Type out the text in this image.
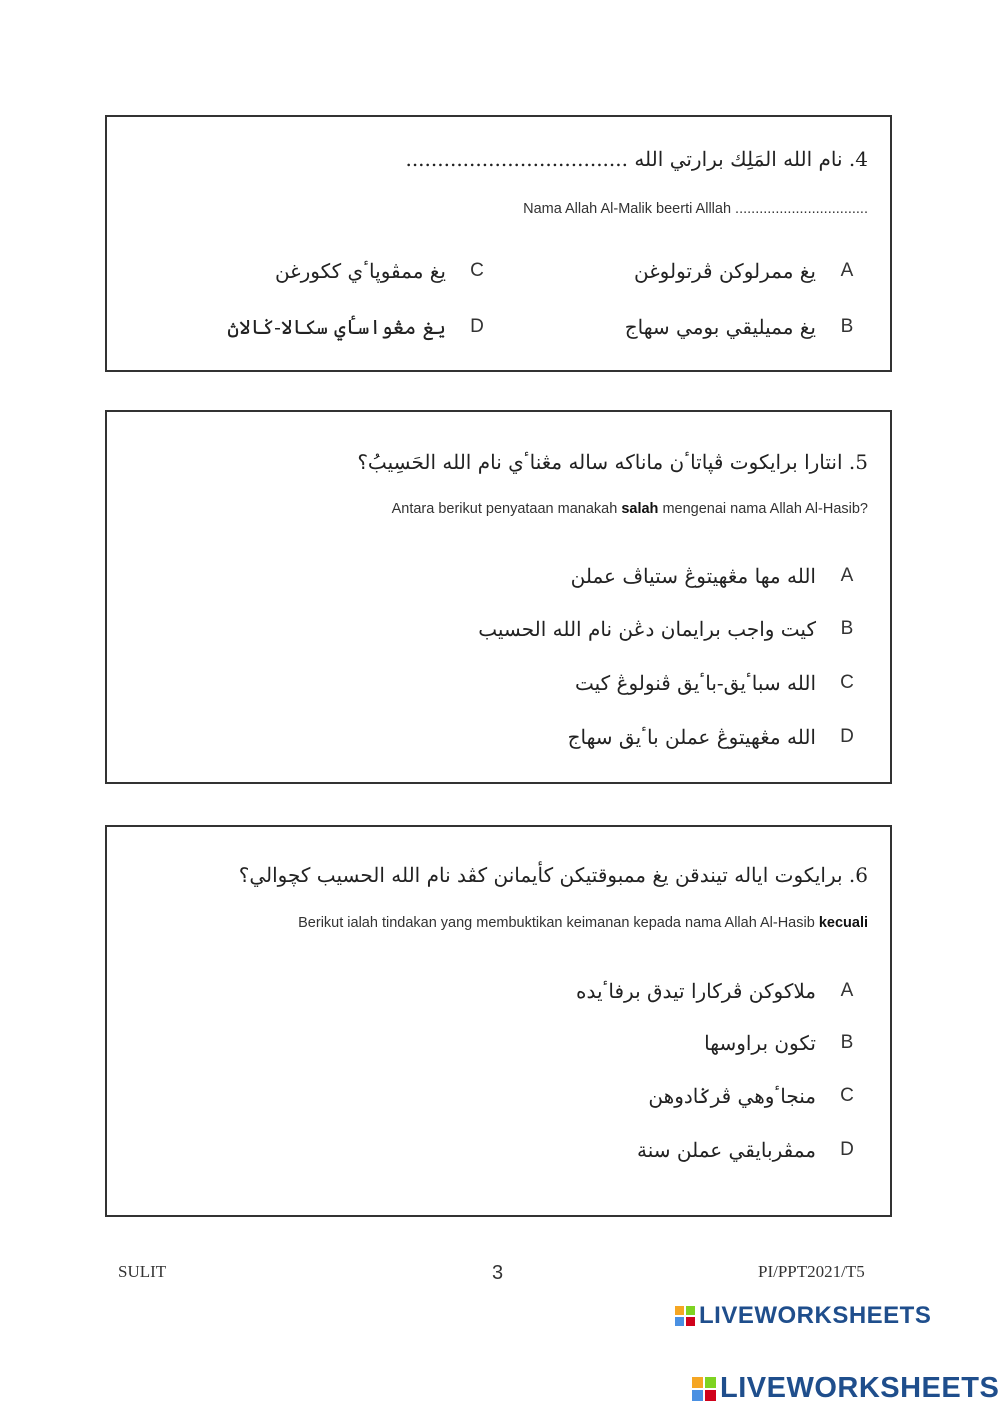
4. نام الله المَلِك برارتي الله ...................................
Nama Allah Al-Malik beerti Alllah .................................
A
يغ ممرلوكن ڤرتولوغن
B
يغ مميليقي بومي سهاج
C
يغ ممڤوڽاٴي ككورغن
D
يغ مڠواساٴي سکالا-ݢالاڽ
5. انتارا برايكوت ڤڽاتاٴن ماناكه ساله مڠناٴي نام الله الحَسِيبُ؟
Antara berikut penyataan manakah salah mengenai nama Allah Al-Hasib?
A
الله مها مڠهيتوڠ ستياڤ عملن
B
كيت واجب برايمان دڠن نام الله الحسيب
C
الله سباٴيق-باٴيق ڤنولوڠ كيت
D
الله مڠهيتوڠ عملن باٴيق سهاج
6. برايكوت اياله تيندقن يغ ممبوقتيكن كأيمانن كڤد نام الله الحسيب كچوالي؟
Berikut ialah tindakan yang membuktikan keimanan kepada nama Allah Al-Hasib kecuali
A
ملاكوكن ڤركارا تيدق برفاٴيده
B
تكون براوسها
C
منجاٴوهي ڤرݢادوهن
D
ممڤربايقي عملن سنة
SULIT	3	PI/PPT2021/T5
LIVEWORKSHEETS
LIVEWORKSHEETS
